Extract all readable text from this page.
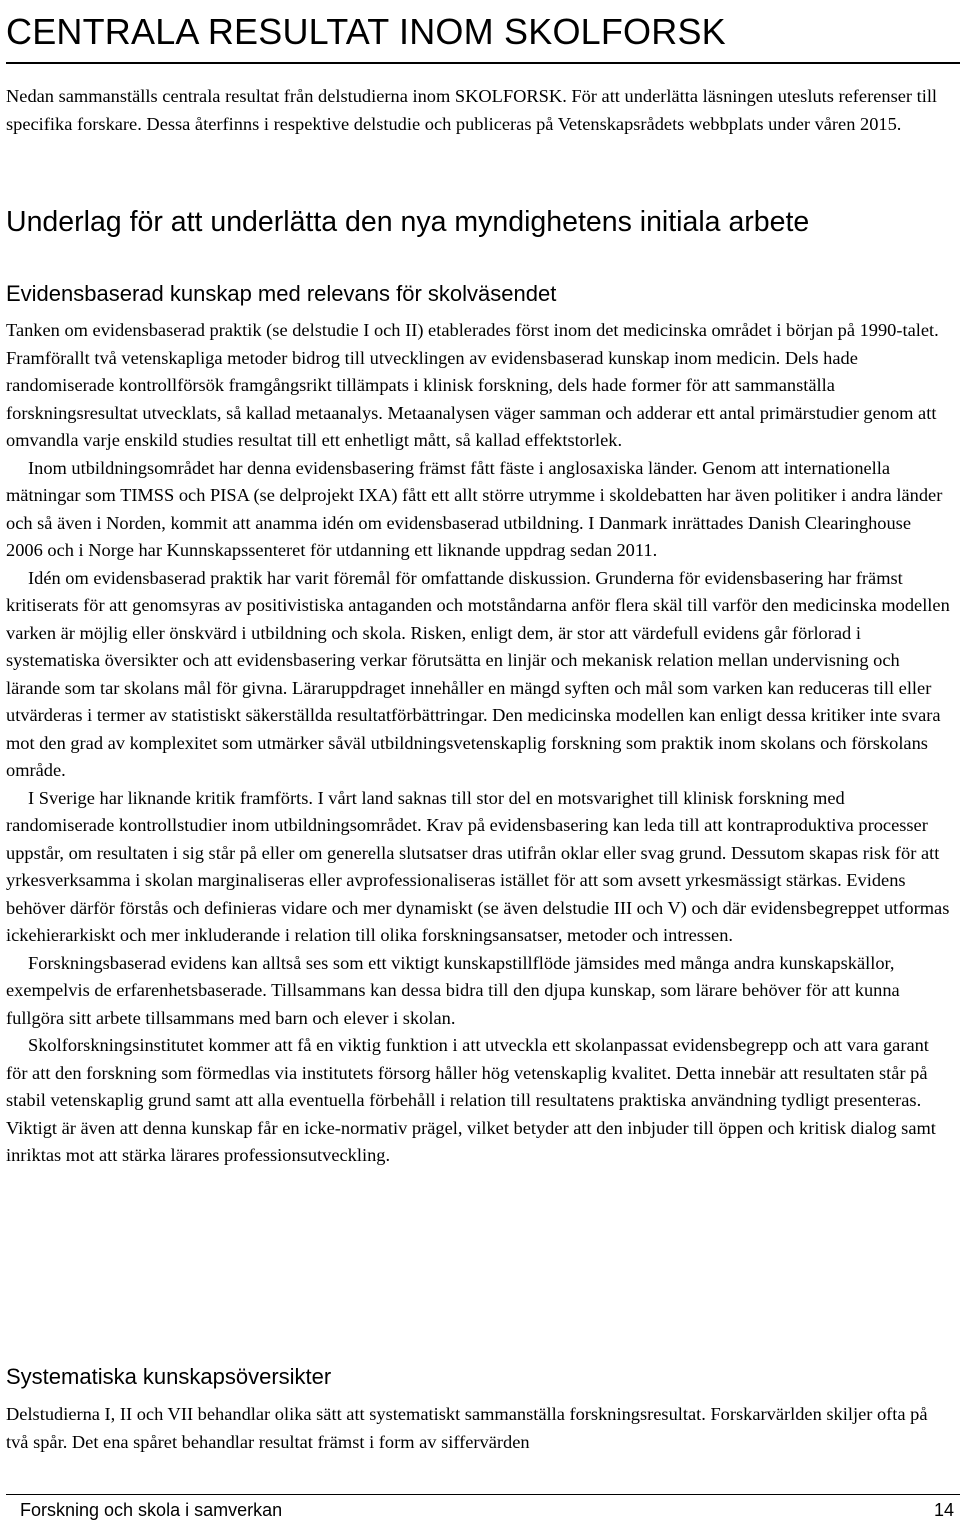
CENTRALA RESULTAT INOM SKOLFORSK

Nedan sammanställs centrala resultat från delstudierna inom SKOLFORSK. För att underlätta läsningen utesluts referenser till specifika forskare. Dessa återfinns i respektive delstudie och publiceras på Vetenskapsrådets webbplats under våren 2015.

Underlag för att underlätta den nya myndighetens initiala arbete
Evidensbaserad kunskap med relevans för skolväsendet

Tanken om evidensbaserad praktik (se delstudie I och II) etablerades först inom det medicinska området i början på 1990-talet. Framförallt två vetenskapliga metoder bidrog till utvecklingen av evidensbaserad kunskap inom medicin. Dels hade randomiserade kontrollförsök framgångsrikt tillämpats i klinisk forskning, dels hade former för att sammanställa forskningsresultat utvecklats, så kallad metaanalys. Metaanalysen väger samman och adderar ett antal primärstudier genom att omvandla varje enskild studies resultat till ett enhetligt mått, så kallad effektstorlek.

Inom utbildningsområdet har denna evidensbasering främst fått fäste i anglosaxiska länder. Genom att internationella mätningar som TIMSS och PISA (se delprojekt IXA) fått ett allt större utrymme i skoldebatten har även politiker i andra länder och så även i Norden, kommit att anamma idén om evidensbaserad utbildning. I Danmark inrättades Danish Clearinghouse 2006 och i Norge har Kunnskapssenteret för utdanning ett liknande uppdrag sedan 2011.

Idén om evidensbaserad praktik har varit föremål för omfattande diskussion. Grunderna för evidensbasering har främst kritiserats för att genomsyras av positivistiska antaganden och motståndarna anför flera skäl till varför den medicinska modellen varken är möjlig eller önskvärd i utbildning och skola. Risken, enligt dem, är stor att värdefull evidens går förlorad i systematiska översikter och att evidensbasering verkar förutsätta en linjär och mekanisk relation mellan undervisning och lärande som tar skolans mål för givna. Läraruppdraget innehåller en mängd syften och mål som varken kan reduceras till eller utvärderas i termer av statistiskt säkerställda resultatförbättringar. Den medicinska modellen kan enligt dessa kritiker inte svara mot den grad av komplexitet som utmärker såväl utbildningsvetenskaplig forskning som praktik inom skolans och förskolans område.

I Sverige har liknande kritik framförts. I vårt land saknas till stor del en motsvarighet till klinisk forskning med randomiserade kontrollstudier inom utbildningsområdet. Krav på evidensbasering kan leda till att kontraproduktiva processer uppstår, om resultaten i sig står på eller om generella slutsatser dras utifrån oklar eller svag grund. Dessutom skapas risk för att yrkesverksamma i skolan marginaliseras eller avprofessionaliseras istället för att som avsett yrkesmässigt stärkas. Evidens behöver därför förstås och definieras vidare och mer dynamiskt (se även delstudie III och V) och där evidensbegreppet utformas ickehierarkiskt och mer inkluderande i relation till olika forskningsansatser, metoder och intressen.

Forskningsbaserad evidens kan alltså ses som ett viktigt kunskapstillflöde jämsides med många andra kunskapskällor, exempelvis de erfarenhetsbaserade. Tillsammans kan dessa bidra till den djupa kunskap, som lärare behöver för att kunna fullgöra sitt arbete tillsammans med barn och elever i skolan.

Skolforskningsinstitutet kommer att få en viktig funktion i att utveckla ett skolanpassat evidensbegrepp och att vara garant för att den forskning som förmedlas via institutets försorg håller hög vetenskaplig kvalitet. Detta innebär att resultaten står på stabil vetenskaplig grund samt att alla eventuella förbehåll i relation till resultatens praktiska användning tydligt presenteras. Viktigt är även att denna kunskap får en icke-normativ prägel, vilket betyder att den inbjuder till öppen och kritisk dialog samt inriktas mot att stärka lärares professionsutveckling.

Systematiska kunskapsöversikter

Delstudierna I, II och VII behandlar olika sätt att systematiskt sammanställa forskningsresultat. Forskarvärlden skiljer ofta på två spår. Det ena spåret behandlar resultat främst i form av siffervärden

Forskning och skola i samverkan	14
